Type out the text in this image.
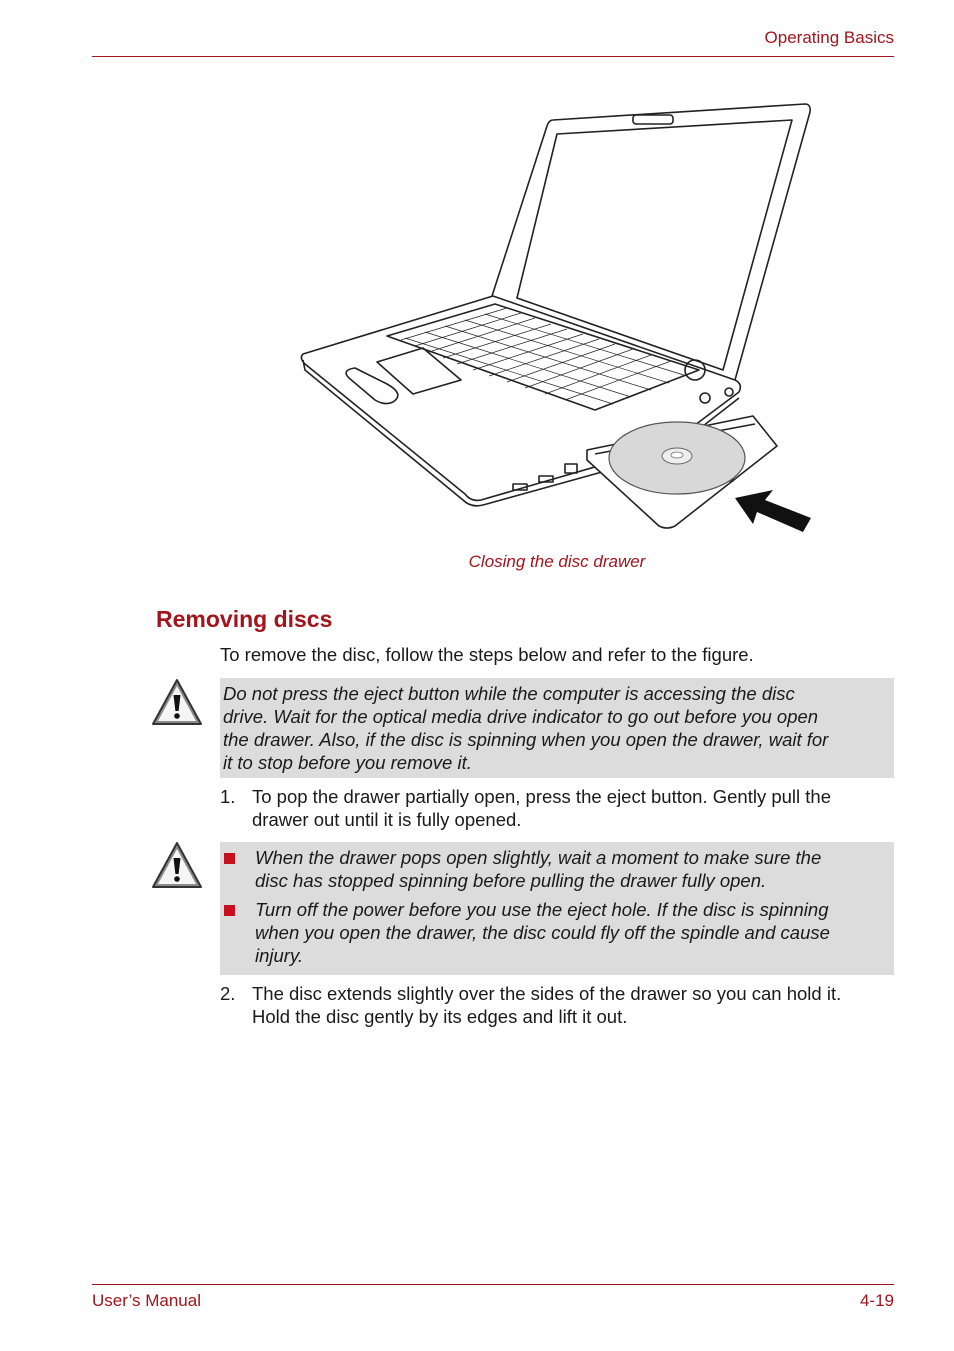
Operating Basics
Closing the disc drawer
Removing discs
To remove the disc, follow the steps below and refer to the figure.
Do not press the eject button while the computer is accessing the disc
drive. Wait for the optical media drive indicator to go out before you open
the drawer. Also, if the disc is spinning when you open the drawer, wait for
it to stop before you remove it.
1. To pop the drawer partially open, press the eject button. Gently pull the
drawer out until it is fully opened.
When the drawer pops open slightly, wait a moment to make sure the
disc has stopped spinning before pulling the drawer fully open.
Turn off the power before you use the eject hole. If the disc is spinning
when you open the drawer, the disc could fly off the spindle and cause
injury.
2. The disc extends slightly over the sides of the drawer so you can hold it.
Hold the disc gently by its edges and lift it out.
User’s Manual	4-19
